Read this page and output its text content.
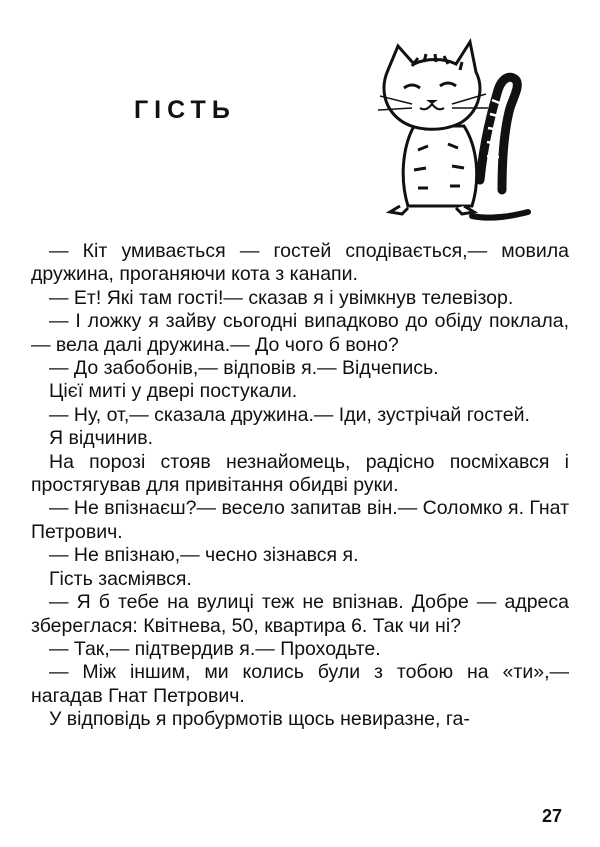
ГІСТЬ

— Кіт умивається — гостей сподівається,— мовила дружина, проганяючи кота з канапи.

— Ет! Які там гості!— сказав я і увімкнув телевізор.

— І ложку я зайву сьогодні випадково до обіду поклала,— вела далі дружина.— До чого б воно?

— До забобонів,— відповів я.— Відчепись.

Цієї миті у двері постукали.

— Ну, от,— сказала дружина.— Іди, зустрічай гостей.

Я відчинив.

На порозі стояв незнайомець, радісно посміхався і простягував для привітання обидві руки.

— Не впізнаєш?— весело запитав він.— Соломко я. Гнат Петрович.

— Не впізнаю,— чесно зізнався я.

Гість засміявся.

— Я б тебе на вулиці теж не впізнав. Добре — адреса збереглася: Квітнева, 50, квартира 6. Так чи ні?

— Так,— підтвердив я.— Проходьте.

— Між іншим, ми колись були з тобою на «ти»,— нагадав Гнат Петрович.

У відповідь я пробурмотів щось невиразне, га-

27
